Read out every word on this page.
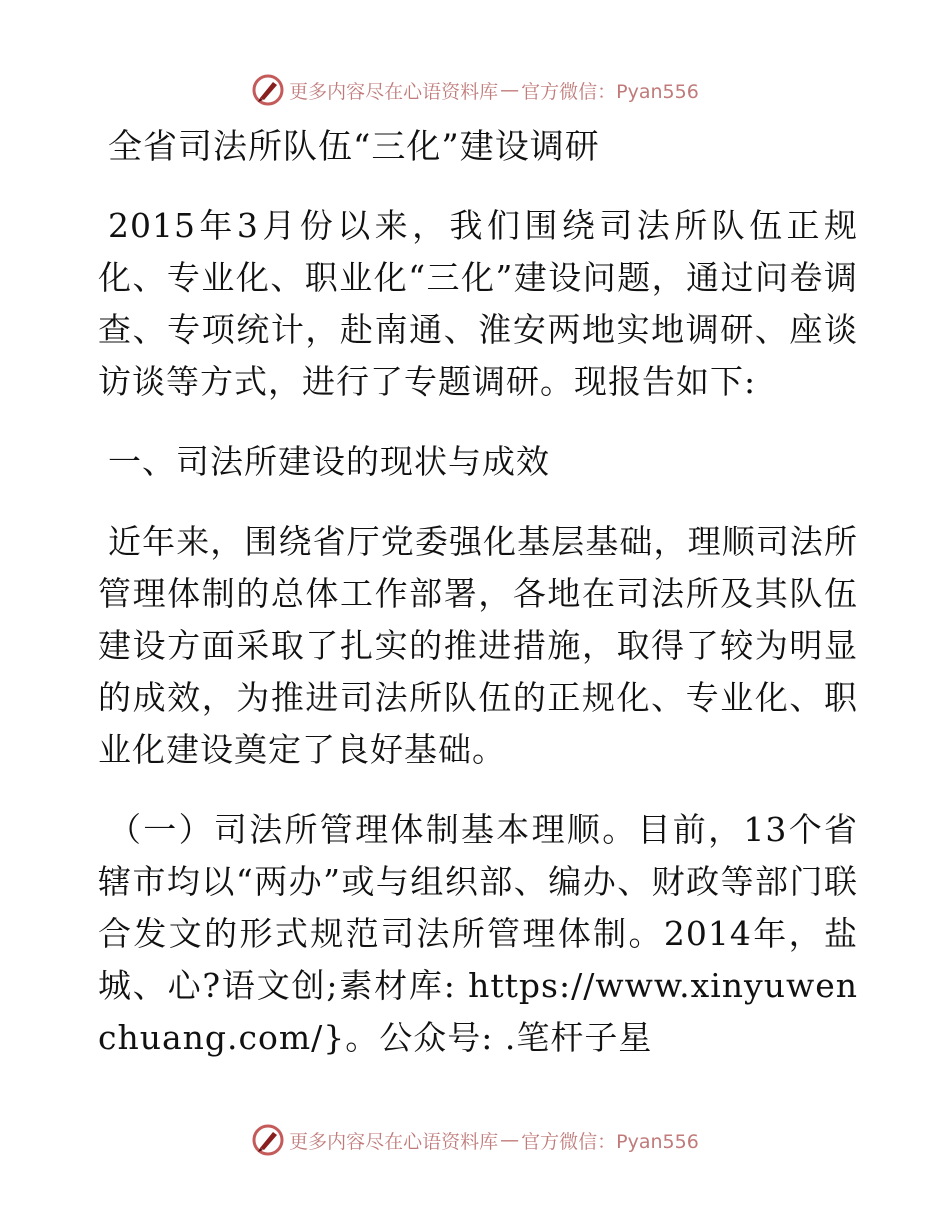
更多内容尽在心语资料库 — 官方微信：Pyan556
全省司法所队伍“三化”建设调研

2015年3月份以来，我们围绕司法所队伍正规化、专业化、职业化“三化”建设问题，通过问卷调查、专项统计，赴南通、淮安两地实地调研、座谈访谈等方式，进行了专题调研。现报告如下:

一、司法所建设的现状与成效

近年来，围绕省厅党委强化基层基础，理顺司法所管理体制的总体工作部署，各地在司法所及其队伍建设方面采取了扎实的推进措施，取得了较为明显的成效，为推进司法所队伍的正规化、专业化、职业化建设奠定了良好基础。

（一）司法所管理体制基本理顺。目前，13个省辖市均以“两办”或与组织部、编办、财政等部门联合发文的形式规范司法所管理体制。2014年，盐城、心?语文创;素材库: https://www.xinyuwenchuang.com/}。公众号: .笔杆子星

更多内容尽在心语资料库 — 官方微信：Pyan556
